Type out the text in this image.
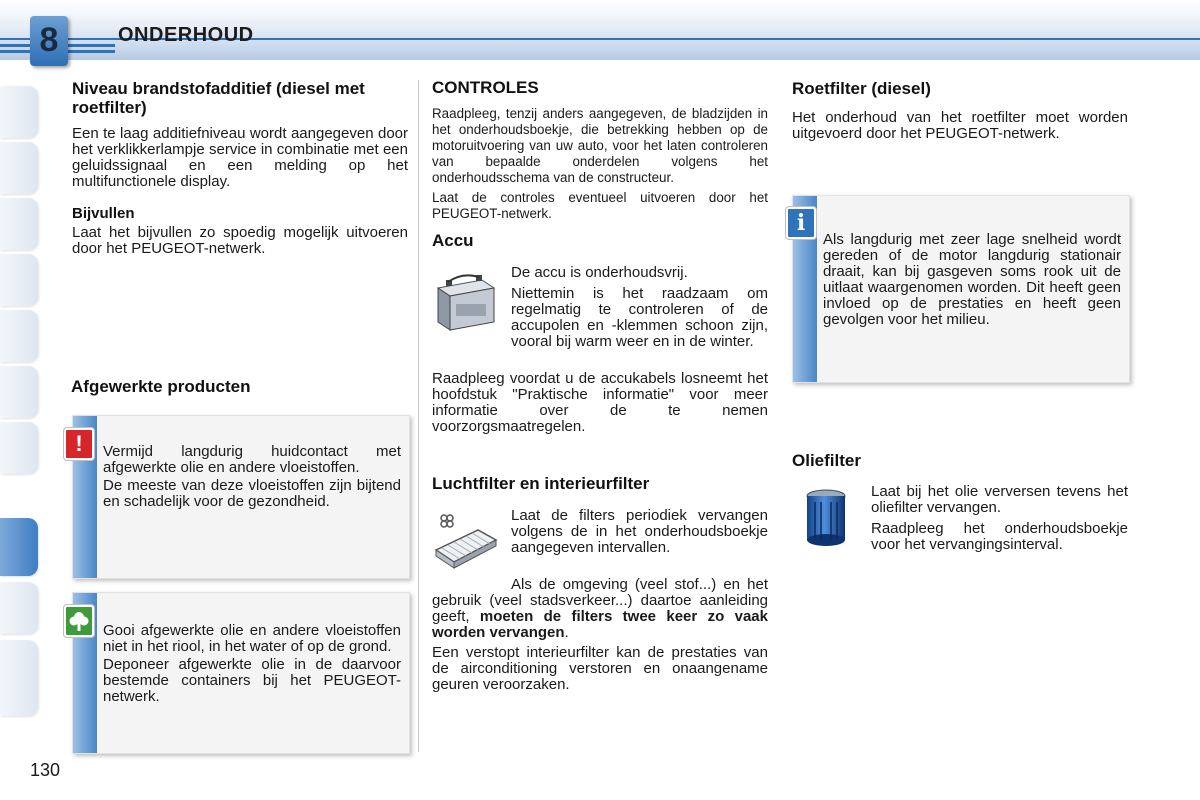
8	ONDERHOUD
Niveau brandstofadditief (diesel met roetfilter)

Een te laag additiefniveau wordt aangegeven door het verklikkerlampje service in combinatie met een geluidssignaal en een melding op het multifunctionele display.

Bijvullen

Laat het bijvullen zo spoedig mogelijk uitvoeren door het PEUGEOT-netwerk.

Afgewerkte producten

Vermijd langdurig huidcontact met afgewerkte olie en andere vloeistoffen.

De meeste van deze vloeistoffen zijn bijtend en schadelijk voor de gezondheid.

!

Gooi afgewerkte olie en andere vloeistoffen niet in het riool, in het water of op de grond.

Deponeer afgewerkte olie in de daarvoor bestemde containers bij het PEUGEOT-netwerk.

CONTROLES

Raadpleeg, tenzij anders aangegeven, de bladzijden in het onderhoudsboekje, die betrekking hebben op de motoruitvoering van uw auto, voor het laten controleren van bepaalde onderdelen volgens het onderhoudsschema van de constructeur.

Laat de controles eventueel uitvoeren door het PEUGEOT-netwerk.

Accu

De accu is onderhoudsvrij.

Niettemin is het raadzaam om regelmatig te controleren of de accupolen en -klemmen schoon zijn, vooral bij warm weer en in de winter.

Raadpleeg voordat u de accukabels losneemt het hoofdstuk "Praktische informatie" voor meer informatie over de te nemen voorzorgsmaatregelen.

Luchtfilter en interieurfilter

Laat de filters periodiek vervangen volgens de in het onderhoudsboekje aangegeven intervallen.

Als de omgeving (veel stof...) en het gebruik (veel stadsverkeer...) daartoe aanleiding geeft, moeten de filters twee keer zo vaak worden vervangen.

Een verstopt interieurfilter kan de prestaties van de airconditioning verstoren en onaangename geuren veroorzaken.

Roetfilter (diesel)

Het onderhoud van het roetfilter moet worden uitgevoerd door het PEUGEOT-netwerk.

Als langdurig met zeer lage snelheid wordt gereden of de motor langdurig stationair draait, kan bij gasgeven soms rook uit de uitlaat waargenomen worden. Dit heeft geen invloed op de prestaties en heeft geen gevolgen voor het milieu.

i
Oliefilter

Laat bij het olie verversen tevens het oliefilter vervangen.

Raadpleeg het onderhoudsboekje voor het vervangingsinterval.

130
